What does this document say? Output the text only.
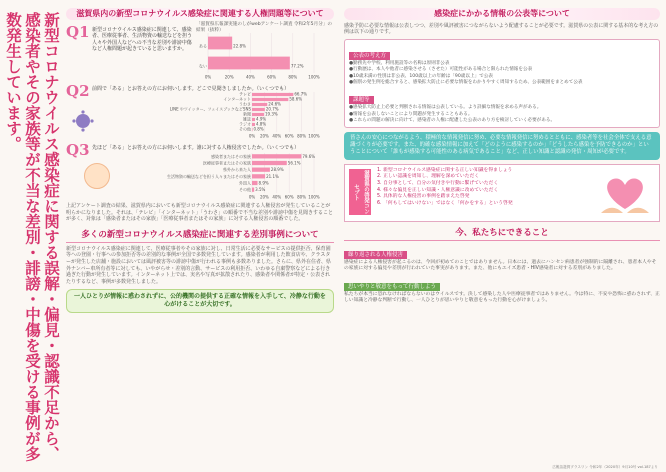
新型コロナウイルス感染症に関する誤解・偏見・認識不足から、感染者やその家族等が不当な差別・誹謗・中傷を受ける事例が多数発生しています。	滋賀県内の新型コロナウイルス感染症に関連する人権問題等について
Q1 新型コロナウイルス感染症に関連して、感染者、医療従事者、生活物資の輸送などを担う人々や外国人などへの不当な差別や誹謗中傷など人権問題が起きていると思いますか。
「滋賀県広報課実施のしがwebアンケート調査 令和2年5月分」の結果（抜粋）
ある	22.8%
ない	77.2%
0%	20%	40%	60%	80%	100%
Q2 前問で「ある」とお答えの方にお伺いします。どこで見聞きしましたか。（いくつでも）
テレビ	66.7%
インターネット	58.6%
うわさ	24.6%
LINE やツイッター、フェイスブックなどSNS	20.7%
新聞	19.3%
雑誌 4.9%
ラジオ 4.8%
その他 0.8%
0% 20% 40% 60% 80% 100%
Q3 先ほど「ある」とお答えの方にお伺いします。誰に対する人権侵害でしたか。（いくつでも）
感染者またはその家族	79.6%
医療従事者またはその家族	56.1%
県外から来た人	28.9%
生活物資の輸送などを担う人々またはその家族	21.1%
外国人 8.9%
その他 3.5%
0% 20% 40% 60% 80% 100%
上記アンケート調査の結果、滋賀県内においても新型コロナウイルス感染症に関連する人権侵害が発生していることが明らかになりました。それは、「テレビ」「インターネット」「うわさ」の順番で不当な差別や誹謗中傷を見聞きすることが多く、対象は「感染者またはその家族」「医療従事者またはその家族」に対する人権侵害の順番でした。
多くの新型コロナウイルス感染症に関連する差別事例について
新型コロナウイルス感染症に関連して、医療従事者やその家族に対し、日常生活に必要なサービスの提供拒否、保育園等への登園・行事への参加拒否等の差別的な事例が全国で多数発生しています。感染者が利用した飲食店や、クラスターが発生した店舗・施設においては風評被害等の誹謗中傷が行われる事例も多数ありました。さらに、県外在住者、県外ナンバー車所有者等に対しても、いやがらせ・差別的言動、サービスの利用拒否、いわゆる自粛警察などによる行き過ぎた行動が発生しています。インターネット上では、実名や写真が拡散されたり、感染者や関係者が特定・公表されたりするなど、事例が多数発生しました。
一人ひとりが情報に惑わされずに、公的機関の提供する正確な情報を入手して、冷静な行動を心がけることが大切です。
感染症にかかる情報の公表等について
感染予防に必要な情報は公表しつつ、差別や風評被害につながらないよう配慮することが必要です。滋賀県の公表に関する基本的な考え方の例は以下の通りです。
公表の考え方
●勤務先や学校、利用施設等の名称は原則非公表
●行動歴は、本人や他者に感染させる（させた）可能性がある場合と限られた情報を公表
●10歳未満の性別は非公表、100歳以上の年齢は「90歳以上」で公表
●個別の発生例を総合すると、感染拡大防止に必要な情報をわかりやすく周知するため、公表範囲をまとめて公表
課題等
●感染拡大防止上必要と判断される情報は公表している。より詳細な情報を求める声がある。
●情報を公表しないことにより問題が発生することもある。
●これらの問題の解決に向けて、感染者の人権に配慮した公表のあり方を検討していく必要がある。
皆さんの安心につながるよう、積極的な情報発信に努め、必要な情報発信に努めるとともに、感染者等を社会全体で支える意識づくりが必要です。また、的確な感染情報に加えて「どのように感染するのか」「どうしたら感染を予防できるのか」ということについて「誰もが感染する可能性のある病気であること」など、正しい知識と認識の発信・周知が必要です。
滋賀県の啓発コンセプト
1. 新型コロナウイルス感染症に関する正しい知識を得ましょう
2. 正しい認識を周知し、理解を深めていただく
3. 自分事として、自分の気付きや行動に繋げていただく
4. 様々な偏見を正しい知識・人権意識に改めていただく
5. 具体的な人権侵害の事例を踏まえた啓発
6. 「何もしてはいけない」ではなく「何かをする」という啓発
今、私たちにできること
繰り返される人権侵害
感染症による人権侵害が起こるのは、今回が初めてのことではありません。日本には、過去にハンセン病患者が強制的に隔離され、患者本人やその家族に対する偏見や差別が行われていた事実があります。また、他にもエイズ患者・HIV感染者に対する差別がありました。
思いやりと敬意をもって行動しよう
私たちが本当に恐れなければならないのはウイルスです。決して感染した人や医療従事者ではありません。今は特に、不安や恐怖に惑わされず、正しい知識と冷静な判断で行動し、一人ひとりが思いやりと敬意をもった行動を心がけましょう。
広報誌滋賀プラスワン 令和2年（2020年）9月10号 vol.187より
